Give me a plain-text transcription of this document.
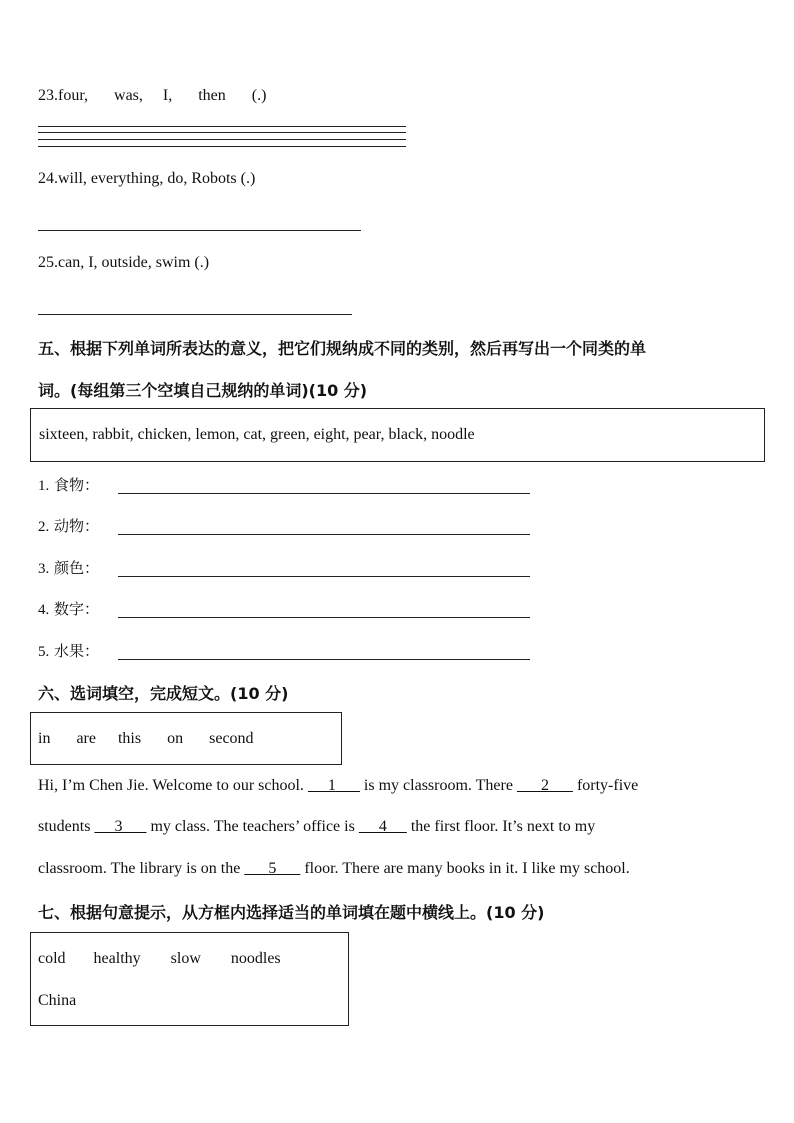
23.four, was, I, then (.)
24.will, everything, do, Robots (.)
25.can, I, outside, swim (.)
五、根据下列单词所表达的意义，把它们规纳成不同的类别，然后再写出一个同类的单
词。(每组第三个空填自己规纳的单词)(10 分)
sixteen, rabbit, chicken, lemon, cat, green, eight, pear, black, noodle
1. 食物：
2. 动物：
3. 颜色：
4. 数字：
5. 水果：
六、选词填空，完成短文。(10 分)
in are this on second
Hi, I’m Chen Jie. Welcome to our school.      1       is my classroom. There       2       forty-five
students      3       my class. The teachers’ office is      4      the first floor. It’s next to my
classroom. The library is on the       5       floor. There are many books in it. I like my school.
七、根据句意提示，从方框内选择适当的单词填在题中横线上。(10 分)
cold healthy slow noodles
China
